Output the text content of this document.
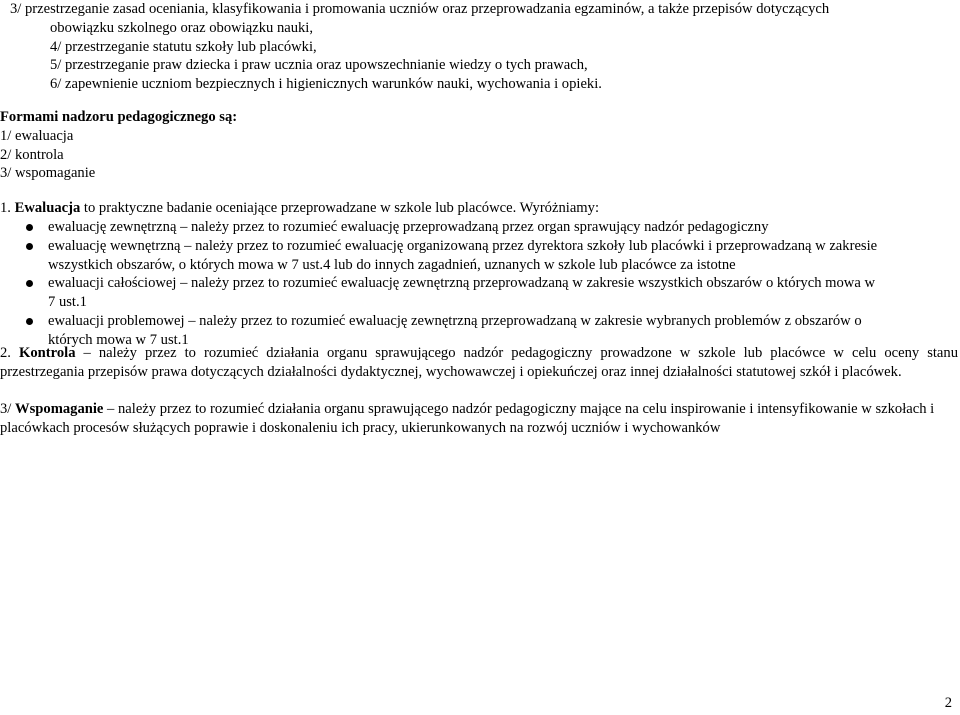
3/ przestrzeganie zasad oceniania, klasyfikowania i promowania uczniów oraz przeprowadzania egzaminów, a także przepisów dotyczących

obowiązku szkolnego oraz obowiązku nauki,

4/ przestrzeganie statutu szkoły lub placówki,

5/ przestrzeganie praw dziecka i praw ucznia oraz upowszechnianie wiedzy o tych prawach,

6/ zapewnienie uczniom bezpiecznych i higienicznych warunków nauki, wychowania i opieki.

Formami nadzoru pedagogicznego są:

1/ ewaluacja

2/ kontrola

3/ wspomaganie

1. Ewaluacja to praktyczne badanie oceniające przeprowadzane w szkole lub placówce. Wyróżniamy:

ewaluację zewnętrzną – należy przez to rozumieć ewaluację przeprowadzaną przez organ sprawujący nadzór pedagogiczny

ewaluację wewnętrzną – należy przez to rozumieć ewaluację organizowaną przez dyrektora szkoły lub placówki i przeprowadzaną w zakresie

wszystkich obszarów, o których mowa w 7 ust.4 lub do innych zagadnień, uznanych w szkole lub placówce za istotne

ewaluacji całościowej – należy przez to rozumieć ewaluację zewnętrzną przeprowadzaną w zakresie wszystkich obszarów o których mowa w

7 ust.1

ewaluacji problemowej – należy przez to rozumieć ewaluację zewnętrzną przeprowadzaną w zakresie wybranych problemów z obszarów o

których mowa w 7 ust.1

2. Kontrola – należy przez to rozumieć działania organu sprawującego nadzór pedagogiczny prowadzone w szkole lub placówce w celu oceny stanu przestrzegania przepisów prawa dotyczących działalności dydaktycznej, wychowawczej i opiekuńczej oraz innej działalności statutowej szkół i placówek.

3/ Wspomaganie – należy przez to rozumieć działania organu sprawującego nadzór pedagogiczny mające na celu inspirowanie i intensyfikowanie w szkołach i placówkach procesów służących poprawie i doskonaleniu ich pracy, ukierunkowanych na rozwój uczniów i wychowanków

2
